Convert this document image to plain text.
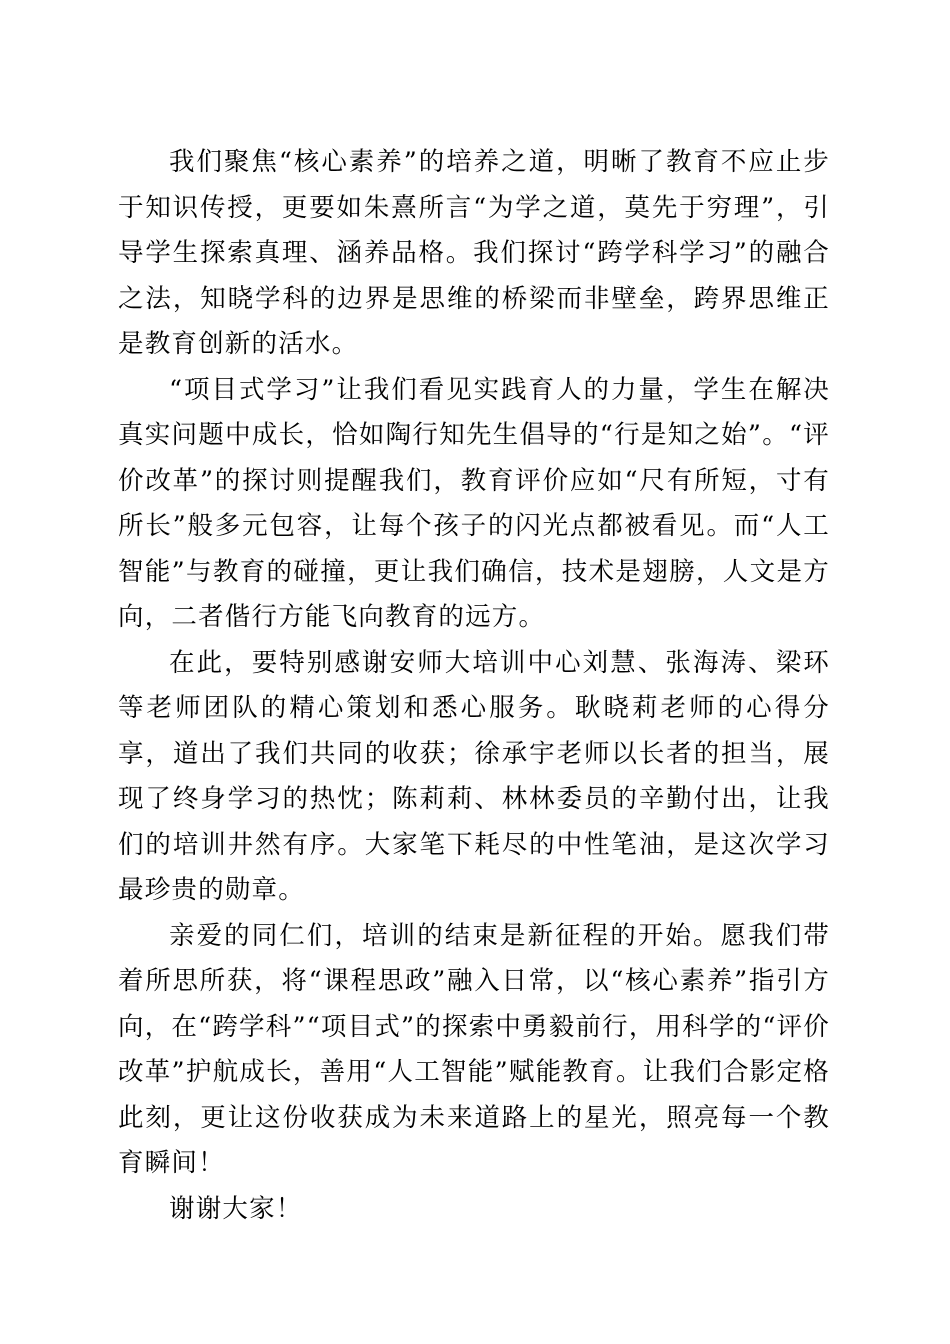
我们聚焦“核心素养”的培养之道，明晰了教育不应止步于知识传授，更要如朱熹所言“为学之道，莫先于穷理”，引导学生探索真理、涵养品格。我们探讨“跨学科学习”的融合之法，知晓学科的边界是思维的桥梁而非壁垒，跨界思维正是教育创新的活水。

“项目式学习”让我们看见实践育人的力量，学生在解决真实问题中成长，恰如陶行知先生倡导的“行是知之始”。“评价改革”的探讨则提醒我们，教育评价应如“尺有所短，寸有所长”般多元包容，让每个孩子的闪光点都被看见。而“人工智能”与教育的碰撞，更让我们确信，技术是翅膀，人文是方向，二者偕行方能飞向教育的远方。

在此，要特别感谢安师大培训中心刘慧、张海涛、梁环等老师团队的精心策划和悉心服务。耿晓莉老师的心得分享，道出了我们共同的收获；徐承宇老师以长者的担当，展现了终身学习的热忱；陈莉莉、林林委员的辛勤付出，让我们的培训井然有序。大家笔下耗尽的中性笔油，是这次学习最珍贵的勋章。

亲爱的同仁们，培训的结束是新征程的开始。愿我们带着所思所获，将“课程思政”融入日常，以“核心素养”指引方向，在“跨学科”“项目式”的探索中勇毅前行，用科学的“评价改革”护航成长，善用“人工智能”赋能教育。让我们合影定格此刻，更让这份收获成为未来道路上的星光，照亮每一个教育瞬间！

谢谢大家！
